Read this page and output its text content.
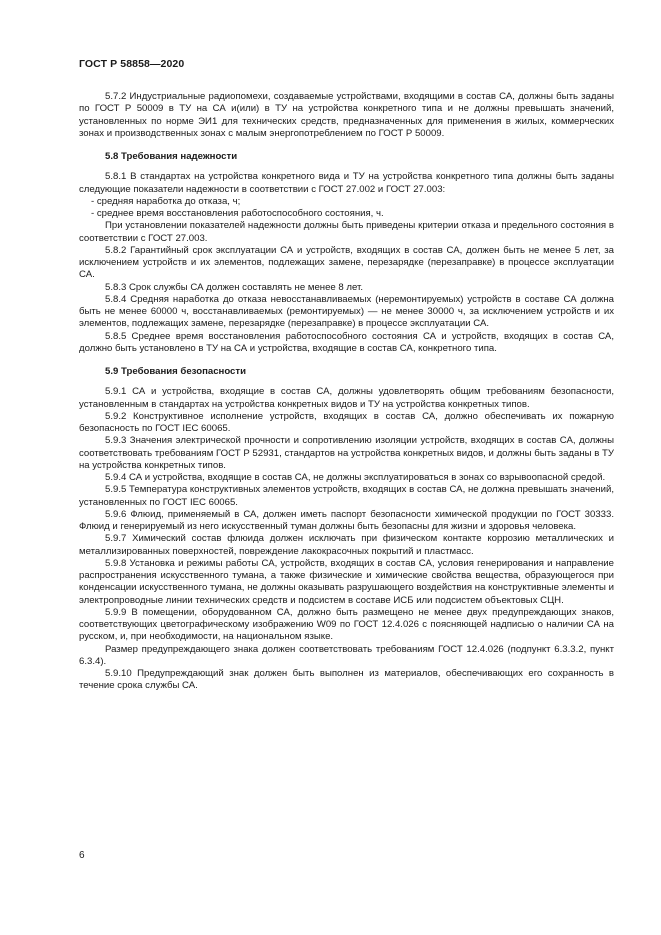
ГОСТ Р 58858—2020

5.7.2 Индустриальные радиопомехи, создаваемые устройствами, входящими в состав СА, должны быть заданы по ГОСТ Р 50009 в ТУ на СА и(или) в ТУ на устройства конкретного типа и не должны превышать значений, установленных по норме ЭИ1 для технических средств, предназначенных для применения в жилых, коммерческих зонах и производственных зонах с малым энергопотреблением по ГОСТ Р 50009.

5.8 Требования надежности

5.8.1 В стандартах на устройства конкретного вида и ТУ на устройства конкретного типа должны быть заданы следующие показатели надежности в соответствии с ГОСТ 27.002 и ГОСТ 27.003:

- средняя наработка до отказа, ч;

- среднее время восстановления работоспособного состояния, ч.

При установлении показателей надежности должны быть приведены критерии отказа и предельного состояния в соответствии с ГОСТ 27.003.

5.8.2 Гарантийный срок эксплуатации СА и устройств, входящих в состав СА, должен быть не менее 5 лет, за исключением устройств и их элементов, подлежащих замене, перезарядке (перезаправке) в процессе эксплуатации СА.

5.8.3 Срок службы СА должен составлять не менее 8 лет.

5.8.4 Средняя наработка до отказа невосстанавливаемых (неремонтируемых) устройств в составе СА должна быть не менее 60000 ч, восстанавливаемых (ремонтируемых) — не менее 30000 ч, за исключением устройств и их элементов, подлежащих замене, перезарядке (перезаправке) в процессе эксплуатации СА.

5.8.5 Среднее время восстановления работоспособного состояния СА и устройств, входящих в состав СА, должно быть установлено в ТУ на СА и устройства, входящие в состав СА, конкретного типа.

5.9 Требования безопасности

5.9.1 СА и устройства, входящие в состав СА, должны удовлетворять общим требованиям безопасности, установленным в стандартах на устройства конкретных видов и ТУ на устройства конкретных типов.

5.9.2 Конструктивное исполнение устройств, входящих в состав СА, должно обеспечивать их пожарную безопасность по ГОСТ IEC 60065.

5.9.3 Значения электрической прочности и сопротивлению изоляции устройств, входящих в состав СА, должны соответствовать требованиям ГОСТ Р 52931, стандартов на устройства конкретных видов, и должны быть заданы в ТУ на устройства конкретных типов.

5.9.4 СА и устройства, входящие в состав СА, не должны эксплуатироваться в зонах со взрывоопасной средой.

5.9.5 Температура конструктивных элементов устройств, входящих в состав СА, не должна превышать значений, установленных по ГОСТ IEC 60065.

5.9.6 Флюид, применяемый в СА, должен иметь паспорт безопасности химической продукции по ГОСТ 30333. Флюид и генерируемый из него искусственный туман должны быть безопасны для жизни и здоровья человека.

5.9.7 Химический состав флюида должен исключать при физическом контакте коррозию металлических и металлизированных поверхностей, повреждение лакокрасочных покрытий и пластмасс.

5.9.8 Установка и режимы работы СА, устройств, входящих в состав СА, условия генерирования и направление распространения искусственного тумана, а также физические и химические свойства вещества, образующегося при конденсации искусственного тумана, не должны оказывать разрушающего воздействия на конструктивные элементы и электропроводные линии технических средств и подсистем в составе ИСБ или подсистем объектовых СЦН.

5.9.9 В помещении, оборудованном СА, должно быть размещено не менее двух предупреждающих знаков, соответствующих цветографическому изображению W09 по ГОСТ 12.4.026 с поясняющей надписью о наличии СА на русском, и, при необходимости, на национальном языке.

Размер предупреждающего знака должен соответствовать требованиям ГОСТ 12.4.026 (подпункт 6.3.3.2, пункт 6.3.4).

5.9.10 Предупреждающий знак должен быть выполнен из материалов, обеспечивающих его сохранность в течение срока службы СА.

6
